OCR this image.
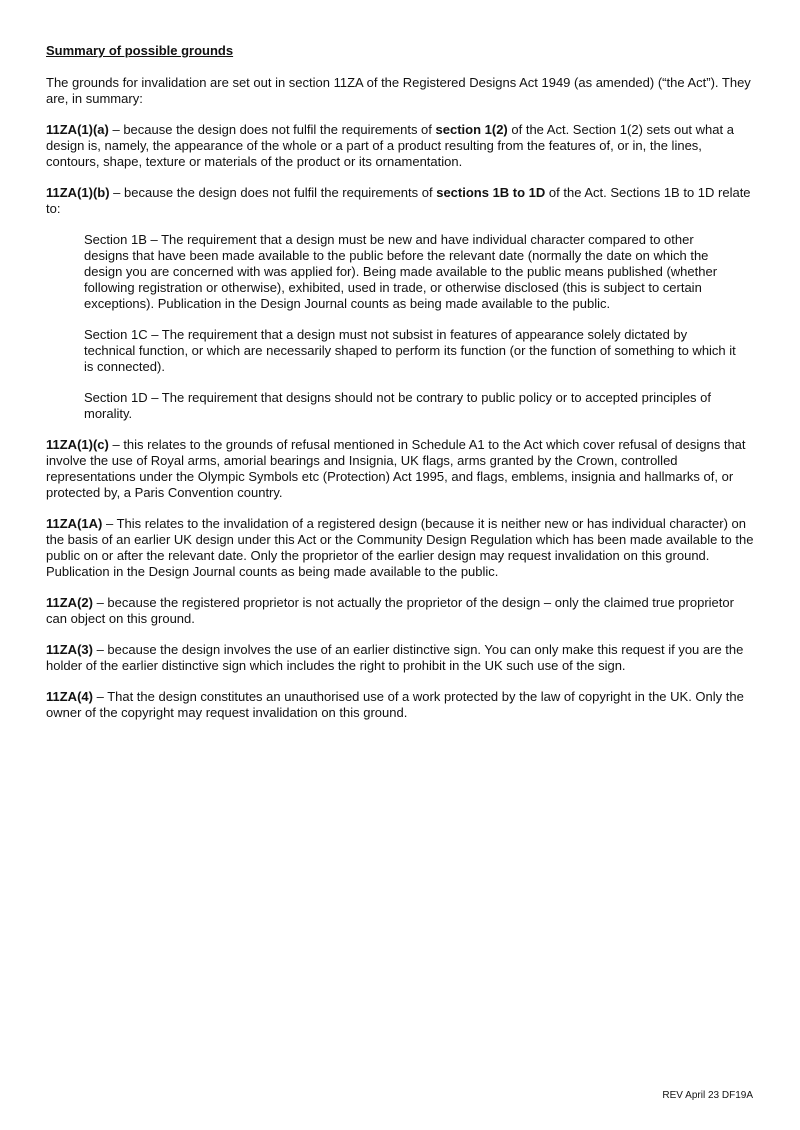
Summary of possible grounds

The grounds for invalidation are set out in section 11ZA of the Registered Designs Act 1949 (as amended) (“the Act”). They are, in summary:

11ZA(1)(a) – because the design does not fulfil the requirements of section 1(2) of the Act. Section 1(2) sets out what a design is, namely, the appearance of the whole or a part of a product resulting from the features of, or in, the lines, contours, shape, texture or materials of the product or its ornamentation.

11ZA(1)(b) – because the design does not fulfil the requirements of sections 1B to 1D of the Act. Sections 1B to 1D relate to:

Section 1B – The requirement that a design must be new and have individual character compared to other designs that have been made available to the public before the relevant date (normally the date on which the design you are concerned with was applied for). Being made available to the public means published (whether following registration or otherwise), exhibited, used in trade, or otherwise disclosed (this is subject to certain exceptions). Publication in the Design Journal counts as being made available to the public.

Section 1C – The requirement that a design must not subsist in features of appearance solely dictated by technical function, or which are necessarily shaped to perform its function (or the function of something to which it is connected).

Section 1D – The requirement that designs should not be contrary to public policy or to accepted principles of morality.

11ZA(1)(c) – this relates to the grounds of refusal mentioned in Schedule A1 to the Act which cover refusal of designs that involve the use of Royal arms, amorial bearings and Insignia, UK flags, arms granted by the Crown, controlled representations under the Olympic Symbols etc (Protection) Act 1995, and flags, emblems, insignia and hallmarks of, or protected by, a Paris Convention country.

11ZA(1A) – This relates to the invalidation of a registered design (because it is neither new or has individual character) on the basis of an earlier UK design under this Act or the Community Design Regulation which has been made available to the public on or after the relevant date. Only the proprietor of the earlier design may request invalidation on this ground. Publication in the Design Journal counts as being made available to the public.

11ZA(2) – because the registered proprietor is not actually the proprietor of the design – only the claimed true proprietor can object on this ground.

11ZA(3) – because the design involves the use of an earlier distinctive sign. You can only make this request if you are the holder of the earlier distinctive sign which includes the right to prohibit in the UK such use of the sign.

11ZA(4) – That the design constitutes an unauthorised use of a work protected by the law of copyright in the UK. Only the owner of the copyright may request invalidation on this ground.

REV April 23 DF19A
